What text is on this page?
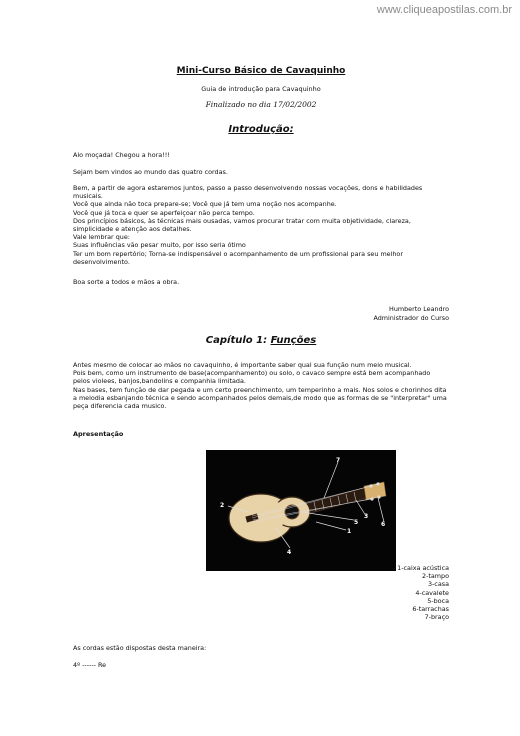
www.cliqueapostilas.com.br
Mini-Curso Básico de Cavaquinho
Guia de introdução para Cavaquinho
Finalizado no dia 17/02/2002
Introdução:

Alo moçada! Chegou a hora!!!

Sejam bem vindos ao mundo das quatro cordas.

Bem, a partir de agora estaremos juntos, passo a passo desenvolvendo nossas vocações, dons e habilidades musicais.
Você que ainda não toca prepare-se; Você que já tem uma noção nos acompanhe.
Você que já toca e quer se aperfeiçoar não perca tempo.
Dos princípios básicos, às técnicas mais ousadas, vamos procurar tratar com muita objetividade, clareza, simplicidade e atenção aos detalhes.
Vale lembrar que:
Suas influências vão pesar muito, por isso seria ótimo
Ter um bom repertório; Torna-se indispensável o acompanhamento de um profissional para seu melhor desenvolvimento.

Boa sorte a todos e mãos a obra.

Humberto Leandro
Administrador do Curso
Capítulo 1: Funções
Antes mesmo de colocar ao mãos no cavaquinho, é importante saber qual sua função num meio musical.
Pois bem, como um instrumento de base(acompanhamento) ou solo, o cavaco sempre está bem acompanhado pelos violees, banjos,bandolins e companhia limitada.
Nas bases, tem função de dar pegada e um certo preenchimento, um temperinho a mais. Nos solos e chorinhos dita a melodia esbanjando técnica e sendo acompanhados pelos demais,de modo que as formas de se "interpretar" uma peça diferencia cada musico.
Apresentação
1
2
3
4
5	6
7
1-caixa acústica
2-tampo
3-casa
4-cavalete
5-boca
6-tarrachas
7-braço

As cordas estão dispostas desta maneira:

4º ------ Re
